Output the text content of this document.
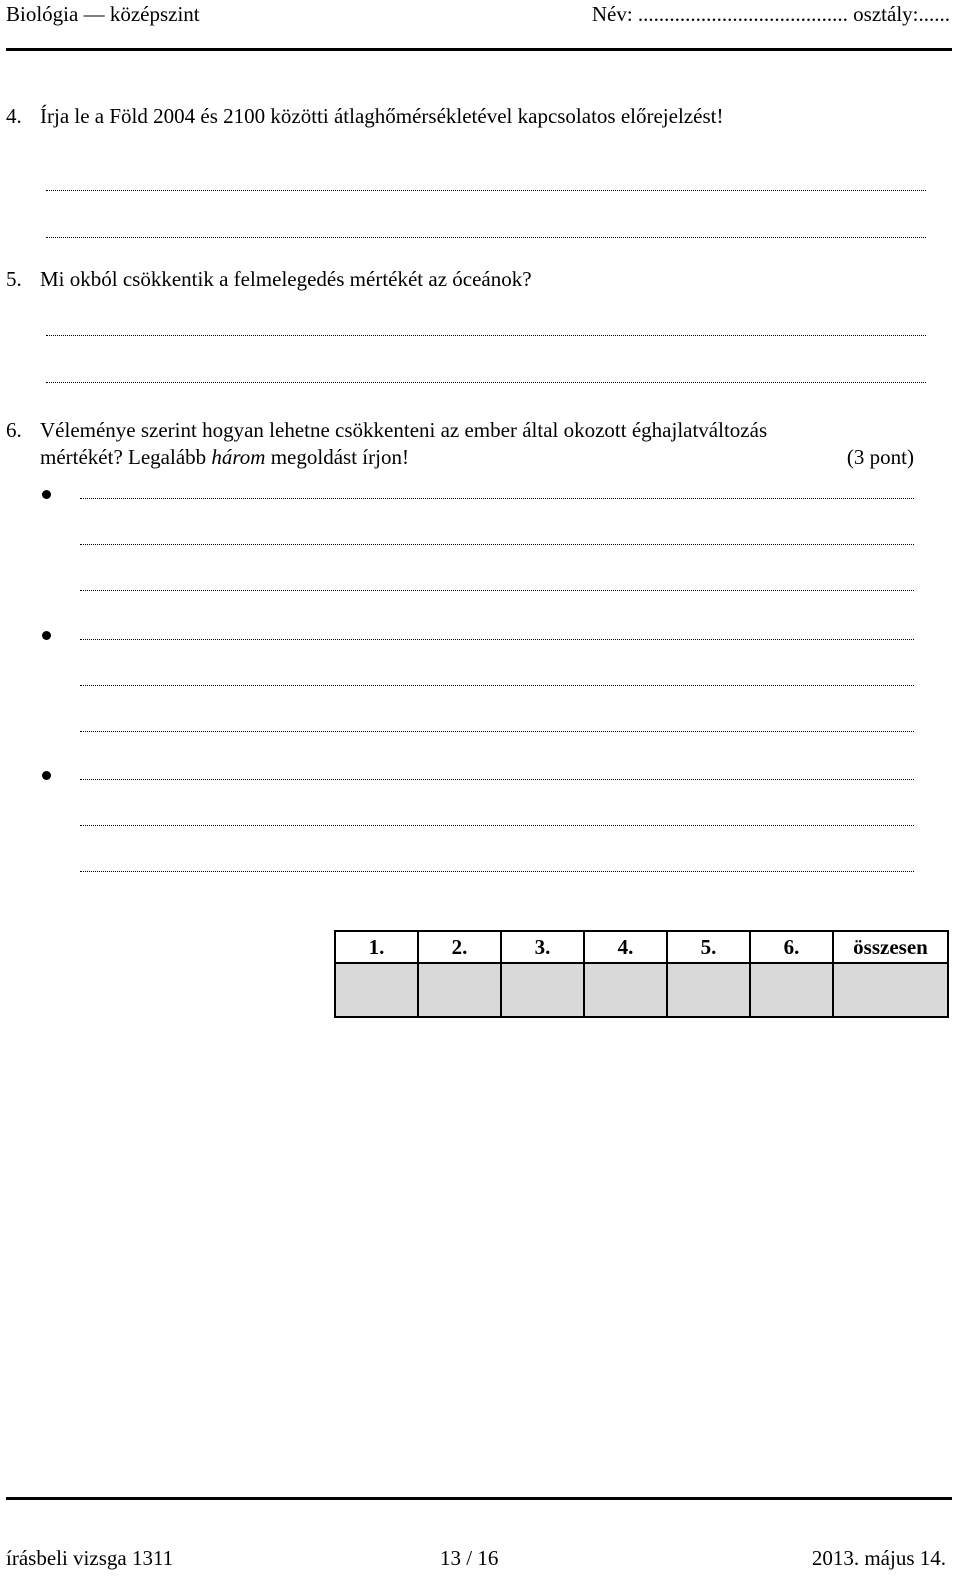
Biológia — középszint	Név: ........................................ osztály:......
4. Írja le a Föld 2004 és 2100 közötti átlaghőmérsékletével kapcsolatos előrejelzést!
5. Mi okból csökkentik a felmelegedés mértékét az óceánok?
6. Véleménye szerint hogyan lehetne csökkenteni az ember által okozott éghajlatváltozás
mértékét? Legalább három megoldást írjon!	(3 pont)
1.	2.	3.	4.	5.	6.	összesen

írásbeli vizsga 1311	13 / 16	2013. május 14.
